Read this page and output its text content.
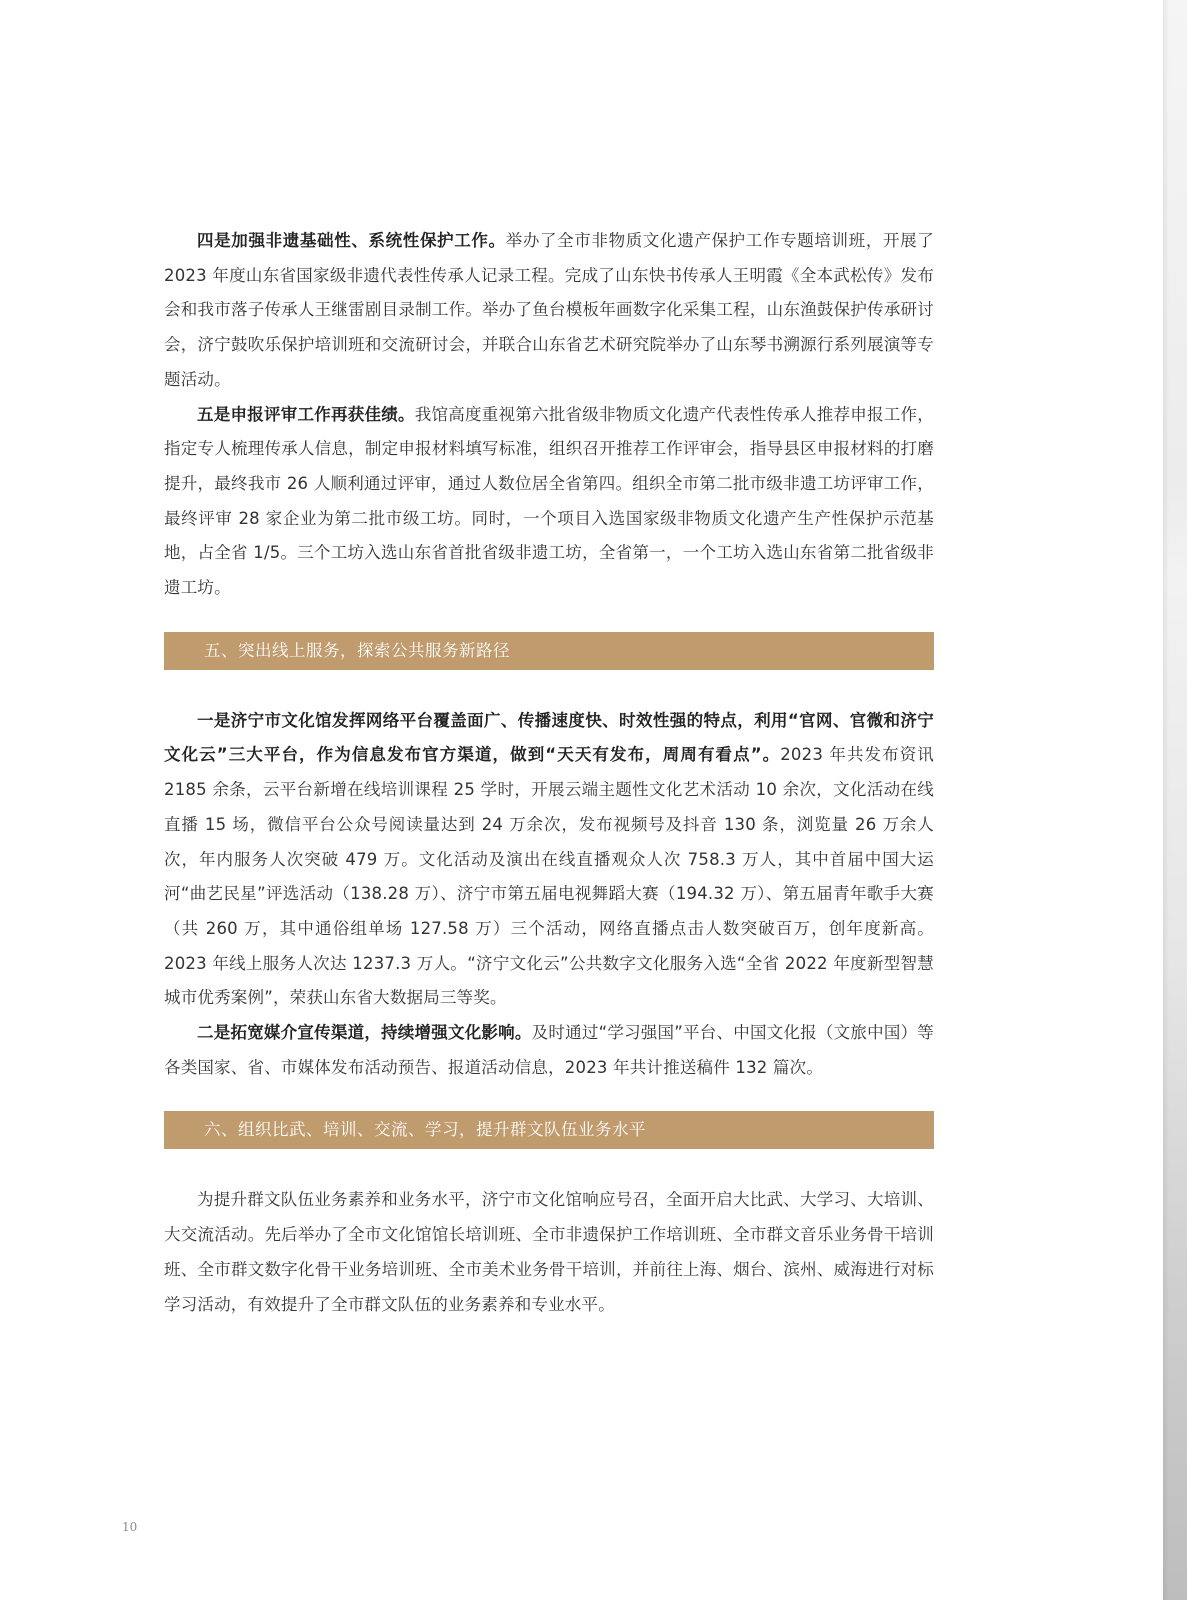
四是加强非遗基础性、系统性保护工作。举办了全市非物质文化遗产保护工作专题培训班，开展了 2023 年度山东省国家级非遗代表性传承人记录工程。完成了山东快书传承人王明霞《全本武松传》发布会和我市落子传承人王继雷剧目录制工作。举办了鱼台模板年画数字化采集工程，山东渔鼓保护传承研讨会，济宁鼓吹乐保护培训班和交流研讨会，并联合山东省艺术研究院举办了山东琴书溯源行系列展演等专题活动。

五是申报评审工作再获佳绩。我馆高度重视第六批省级非物质文化遗产代表性传承人推荐申报工作，指定专人梳理传承人信息，制定申报材料填写标准，组织召开推荐工作评审会，指导县区申报材料的打磨提升，最终我市 26 人顺利通过评审，通过人数位居全省第四。组织全市第二批市级非遗工坊评审工作，最终评审 28 家企业为第二批市级工坊。同时，一个项目入选国家级非物质文化遗产生产性保护示范基地，占全省 1/5。三个工坊入选山东省首批省级非遗工坊，全省第一，一个工坊入选山东省第二批省级非遗工坊。

五、突出线上服务，探索公共服务新路径

一是济宁市文化馆发挥网络平台覆盖面广、传播速度快、时效性强的特点，利用“官网、官微和济宁文化云”三大平台，作为信息发布官方渠道，做到“天天有发布，周周有看点”。2023 年共发布资讯 2185 余条，云平台新增在线培训课程 25 学时，开展云端主题性文化艺术活动 10 余次，文化活动在线直播 15 场，微信平台公众号阅读量达到 24 万余次，发布视频号及抖音 130 条，浏览量 26 万余人次，年内服务人次突破 479 万。文化活动及演出在线直播观众人次 758.3 万人，其中首届中国大运河“曲艺民星”评选活动（138.28 万）、济宁市第五届电视舞蹈大赛（194.32 万）、第五届青年歌手大赛（共 260 万，其中通俗组单场 127.58 万）三个活动，网络直播点击人数突破百万，创年度新高。2023 年线上服务人次达 1237.3 万人。“济宁文化云”公共数字文化服务入选“全省 2022 年度新型智慧城市优秀案例”，荣获山东省大数据局三等奖。

二是拓宽媒介宣传渠道，持续增强文化影响。及时通过“学习强国”平台、中国文化报（文旅中国）等各类国家、省、市媒体发布活动预告、报道活动信息，2023 年共计推送稿件 132 篇次。

六、组织比武、培训、交流、学习，提升群文队伍业务水平

为提升群文队伍业务素养和业务水平，济宁市文化馆响应号召，全面开启大比武、大学习、大培训、大交流活动。先后举办了全市文化馆馆长培训班、全市非遗保护工作培训班、全市群文音乐业务骨干培训班、全市群文数字化骨干业务培训班、全市美术业务骨干培训，并前往上海、烟台、滨州、威海进行对标学习活动，有效提升了全市群文队伍的业务素养和专业水平。

10
